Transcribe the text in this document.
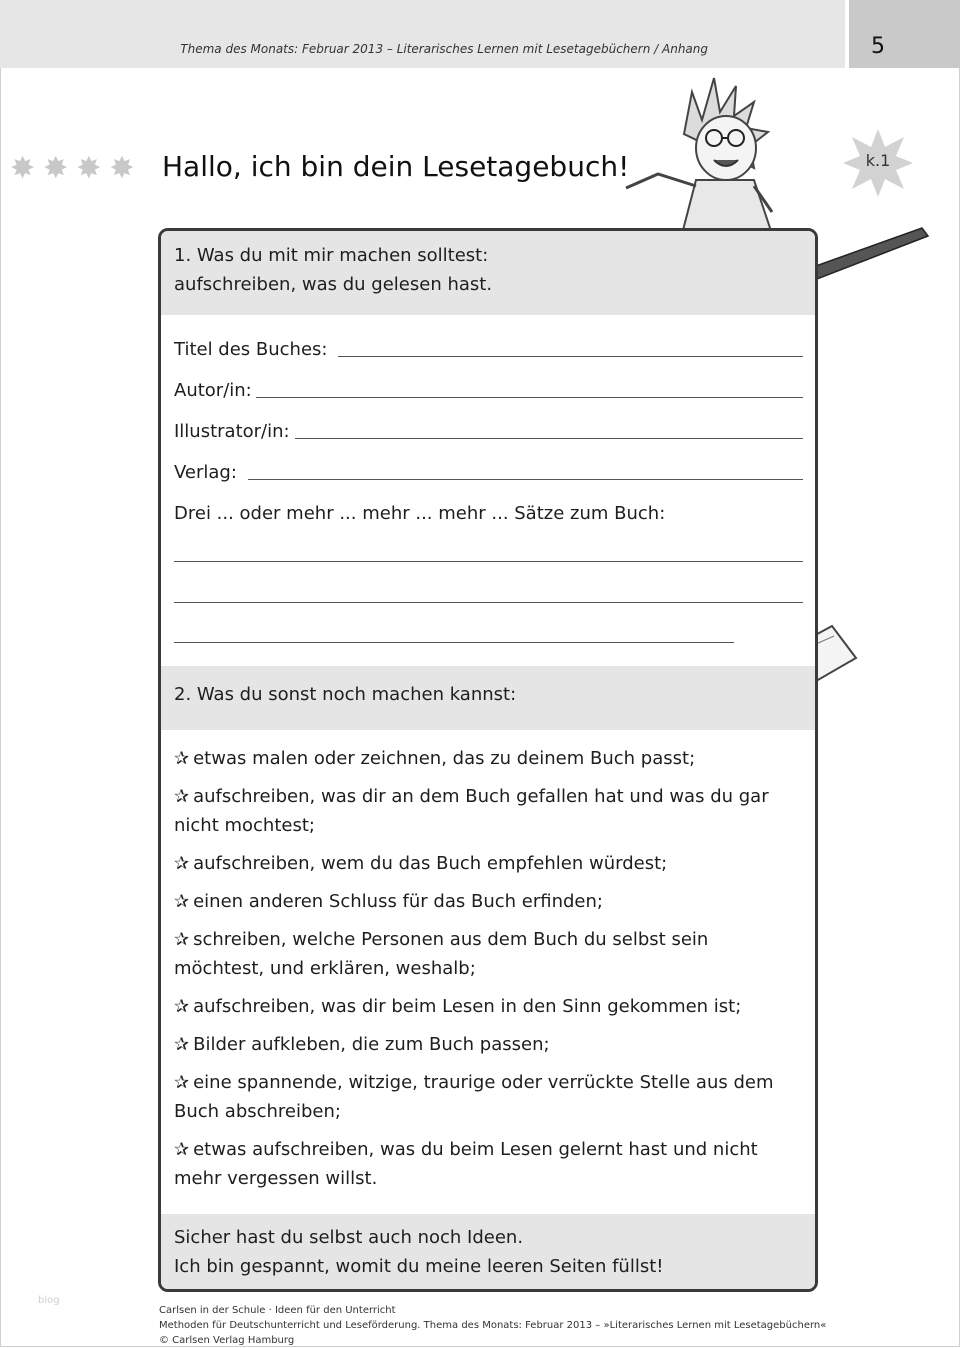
Thema des Monats: Februar 2013 – Literarisches Lernen mit Lesetagebüchern / Anhang	5
✸ ✸ ✸ ✸ Hallo, ich bin dein Lesetagebuch!	k.1
1. Was du mit mir machen solltest:
aufschreiben, was du gelesen hast.
Titel des Buches:
Autor/in:
Illustrator/in:
Verlag:
Drei ... oder mehr ... mehr ... mehr ... Sätze zum Buch:
2. Was du sonst noch machen kannst:
✰ etwas malen oder zeichnen, das zu deinem Buch passt;
✰ aufschreiben, was dir an dem Buch gefallen hat und was du gar nicht mochtest;
✰ aufschreiben, wem du das Buch empfehlen würdest;
✰ einen anderen Schluss für das Buch erfinden;
✰ schreiben, welche Personen aus dem Buch du selbst sein möchtest, und erklären, weshalb;
✰ aufschreiben, was dir beim Lesen in den Sinn gekommen ist;
✰ Bilder aufkleben, die zum Buch passen;
✰ eine spannende, witzige, traurige oder verrückte Stelle aus dem Buch abschreiben;
✰ etwas aufschreiben, was du beim Lesen gelernt hast und nicht mehr vergessen willst.
Sicher hast du selbst auch noch Ideen.
Ich bin gespannt, womit du meine leeren Seiten füllst!
blog
Carlsen in der Schule · Ideen für den Unterricht
Methoden für Deutschunterricht und Leseförderung. Thema des Monats: Februar 2013 – »Literarisches Lernen mit Lesetagebüchern«
© Carlsen Verlag Hamburg
